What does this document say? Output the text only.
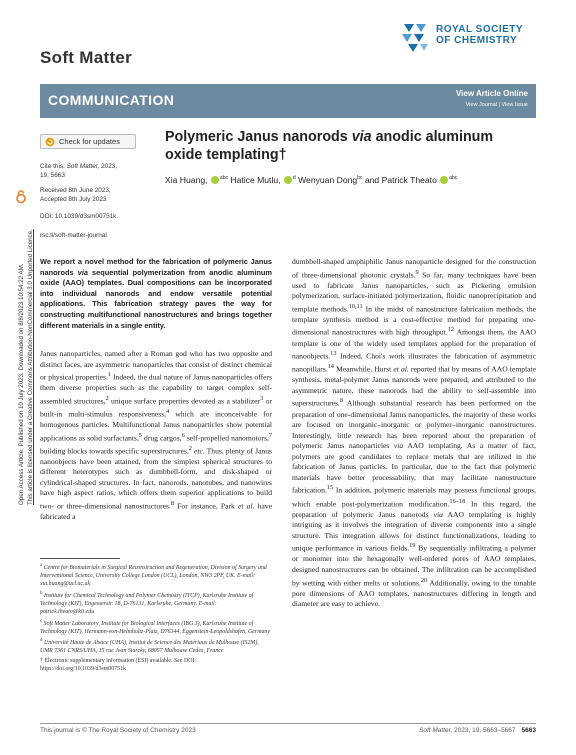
Open Access Article. Published on 10 July 2023. Downloaded on 8/8/2023 10:54:22 AM. This article is licensed under a Creative Commons Attribution-NonCommercial 3.0 Unported Licence.
Soft Matter
ROYAL SOCIETY
OF CHEMISTRY
COMMUNICATION	View Article Online
View Journal | View Issue
Check for updates	Polymeric Janus nanorods via anodic aluminum oxide templating†
Xia Huang, $^{abc}$ Hatice Mutlu, $^d$ Wenyuan Dong$^{bc}$ and Patrick Theato $^{abc}$
Cite this: Soft Matter, 2023,
19, 5663
Received 8th June 2023,
Accepted 8th July 2023
DOI: 10.1039/d3sm00751k
rsc.li/soft-matter-journal
We report a novel method for the fabrication of polymeric Janus nanorods via sequential polymerization from anodic aluminum oxide (AAO) templates. Dual compositions can be incorporated into individual nanorods and endow versatile potential applications. This fabrication strategy paves the way for constructing multifunctional nanostructures and brings together different materials in a single entity.
Janus nanoparticles, named after a Roman god who has two opposite and distinct faces, are asymmetric nanoparticles that consist of distinct chemical or physical properties.$^1$ Indeed, the dual nature of Janus nanoparticles offers them diverse properties such as the capability to target complex self-assembled structures,$^2$ unique surface properties devoted as a stabilizer$^3$ or built-in multi-stimulus responsiveness,$^4$ which are inconceivable for homogenous particles. Multifunctional Janus nanoparticles show potential applications as solid surfactants,$^5$ drug cargos,$^6$ self-propelled nanomotors,$^7$ building blocks towards specific superstructures,$^2$ etc. Thus, plenty of Janus nanoobjects have been attained, from the simplest spherical structures to different heterotypes such as dumbbell-form, and disk-shaped or cylindrical-shaped structures. In fact, nanorods, nanotubes, and nanowires have high aspect ratios, which offers them superior applications to build two- or three-dimensional nanostructures.$^8$ For instance, Park et al. have fabricated a
dumbbell-shaped amphiphilic Janus nanoparticle designed for the construction of three-dimensional photonic crystals.$^9$ So far, many techniques have been used to fabricate Janus nanoparticles, such as Pickering emulsion polymerization, surface-initiated polymerization, fluidic nanoprecipitation and template methods.$^{10,11}$ In the midst of nanostructure fabrication methods, the template synthesis method is a cost-effective method for preparing one-dimensional nanostructures with high throughput.$^{12}$ Amongst them, the AAO template is one of the widely used templates applied for the preparation of nanoobjects.$^{13}$ Indeed, Choi's work illustrates the fabrication of asymmetric nanopillars.$^{14}$ Meanwhile, Hurst et al. reported that by means of AAO template synthesis, metal-polymer Janus nanorods were prepared, and attributed to the asymmetric nature, these nanorods had the ability to self-assemble into superstructures.$^8$ Although substantial research has been performed on the preparation of one-dimensional Janus nanoparticles, the majority of these works are focused on inorganic–inorganic or polymer–inorganic nanostructures. Interestingly, little research has been reported about the preparation of polymeric Janus nanoparticles via AAO templating. As a matter of fact, polymers are good candidates to replace metals that are utilized in the fabrication of Janus particles. In particular, due to the fact that polymeric materials have better processability, that may facilitate nanostructure fabrication.$^{15}$ In addition, polymeric materials may possess functional groups, which enable post-polymerization modification.$^{16-18}$ In this regard, the preparation of polymeric Janus nanorods via AAO templating is highly intriguing as it involves the integration of diverse components into a single structure. This integration allows for distinct functionalizations, leading to unique performance in various fields.$^{19}$ By sequentially infiltrating a polymer or monomer into the hexagonally well-ordered pores of AAO templates, designed nanostructures can be obtained. The infiltration can be accomplished by wetting with either melts or solutions.$^{20}$ Additionally, owing to the tunable pore dimensions of AAO templates, nanostructures differing in length and diameter are easy to achieve.

$^a$ Centre for Biomaterials in Surgical Reconstruction and Regeneration, Division of Surgery and Interventional Science, University College London (UCL), London, NW3 2PF, UK. E-mail: xia.huang@ucl.ac.uk

$^b$ Institute for Chemical Technology and Polymer Chemistry (ITCP), Karlsruhe Institute of Technology (KIT), Engesserstr. 18, D-76131, Karlsruhe, Germany. E-mail: patrick.theato@kit.edu

$^c$ Soft Matter Laboratory, Institute for Biological Interfaces (IBG 3), Karlsruhe Institute of Technology (KIT), Hermann-von-Helmholtz-Platz, D76344, Eggenstein-Leopoldshafen, Germany

$^d$ Université Haute de Alsace (UHA), Institut de Science des Matériaux de Mulhouse (IS2M), UMR 7361 CNRS/UHA, 15 rue Jean Starcky, 68057 Mulhouse Cedex, France

† Electronic supplementary information (ESI) available. See DOI: https://doi.org/10.1039/d3sm00751k

This journal is © The Royal Society of Chemistry 2023	Soft Matter, 2023, 19, 5663–5667 5663
